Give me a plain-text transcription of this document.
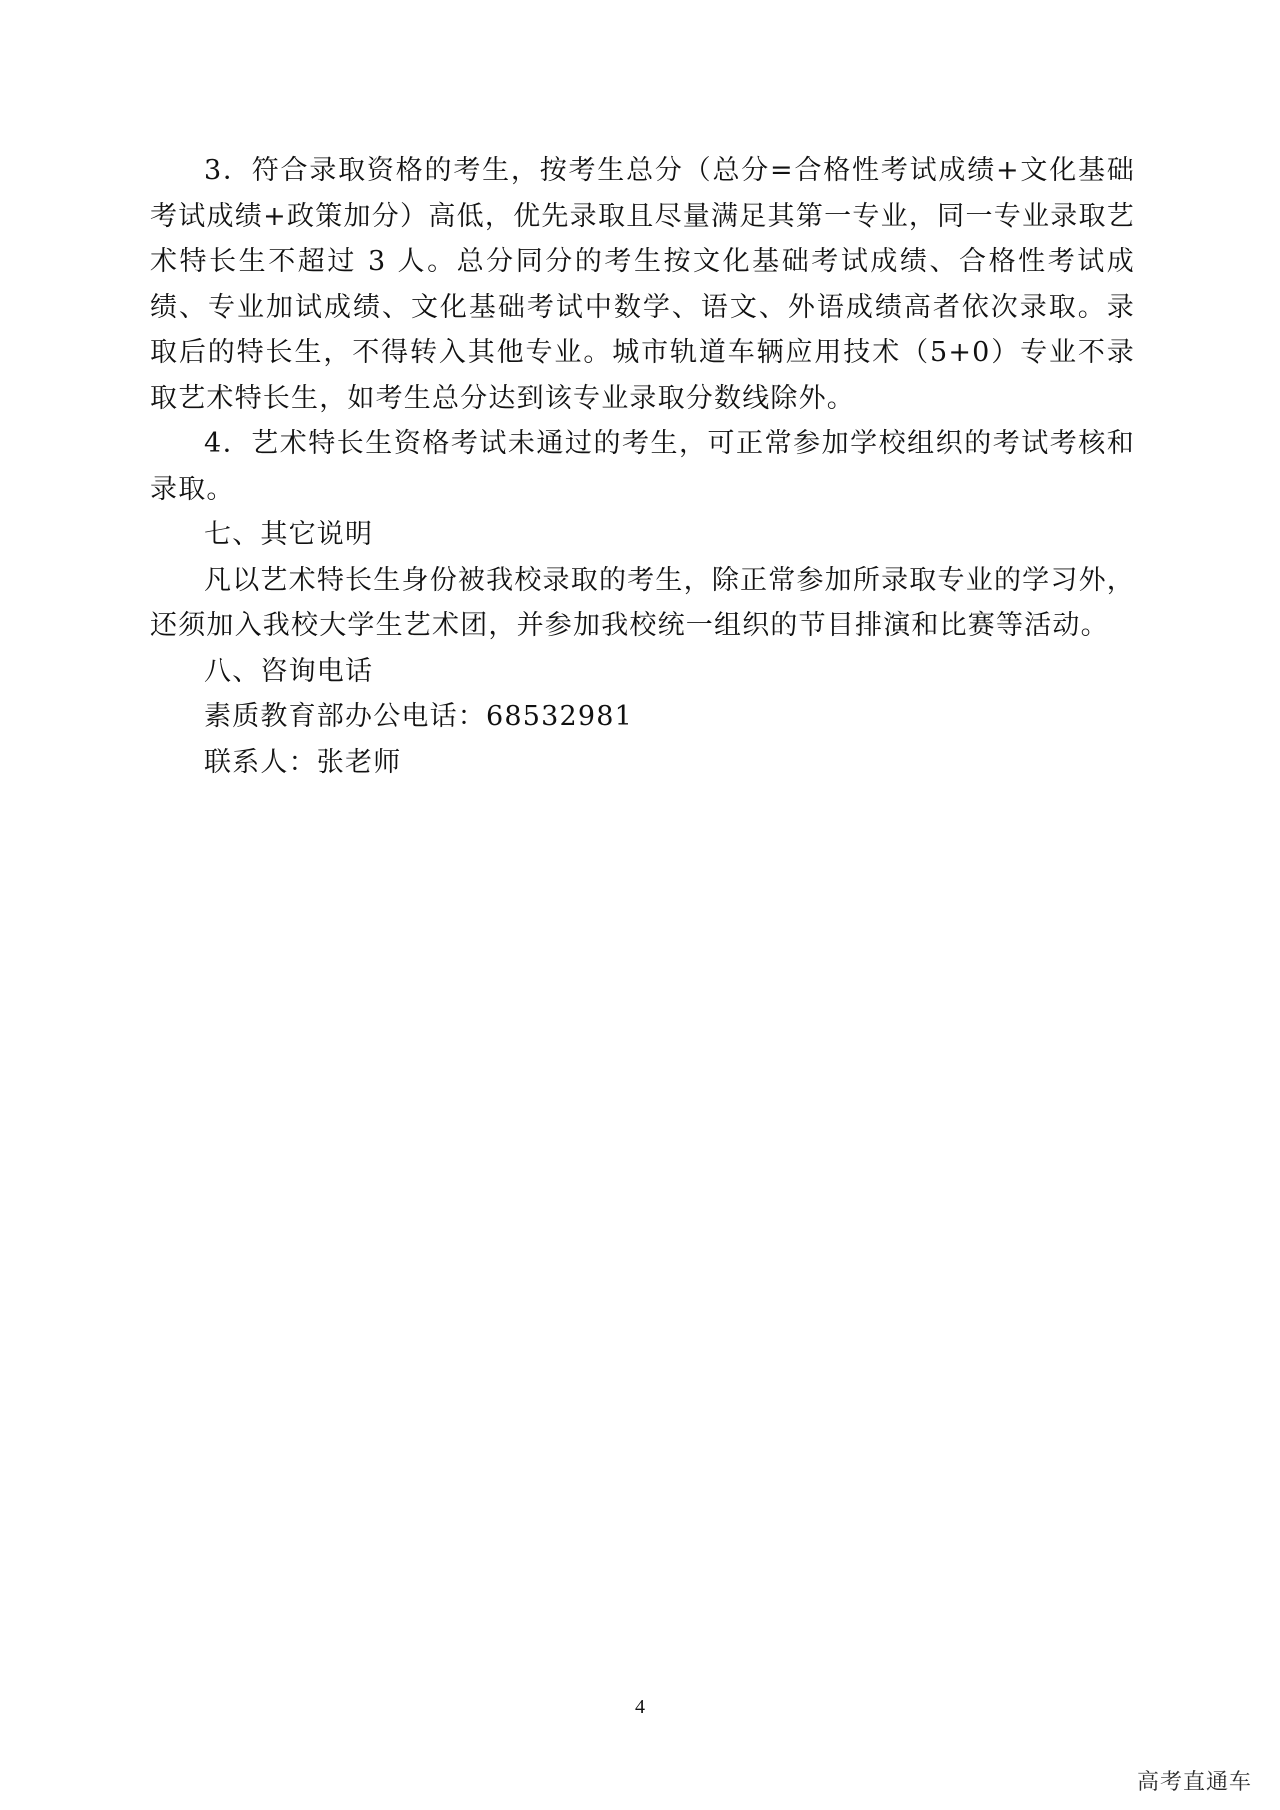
3．符合录取资格的考生，按考生总分（总分=合格性考试成绩+文化基础考试成绩+政策加分）高低，优先录取且尽量满足其第一专业，同一专业录取艺术特长生不超过 3 人。总分同分的考生按文化基础考试成绩、合格性考试成绩、专业加试成绩、文化基础考试中数学、语文、外语成绩高者依次录取。录取后的特长生，不得转入其他专业。城市轨道车辆应用技术（5+0）专业不录取艺术特长生，如考生总分达到该专业录取分数线除外。

4．艺术特长生资格考试未通过的考生，可正常参加学校组织的考试考核和录取。

七、其它说明

凡以艺术特长生身份被我校录取的考生，除正常参加所录取专业的学习外，还须加入我校大学生艺术团，并参加我校统一组织的节目排演和比赛等活动。

八、咨询电话

素质教育部办公电话：68532981

联系人：张老师

4
高考直通车
